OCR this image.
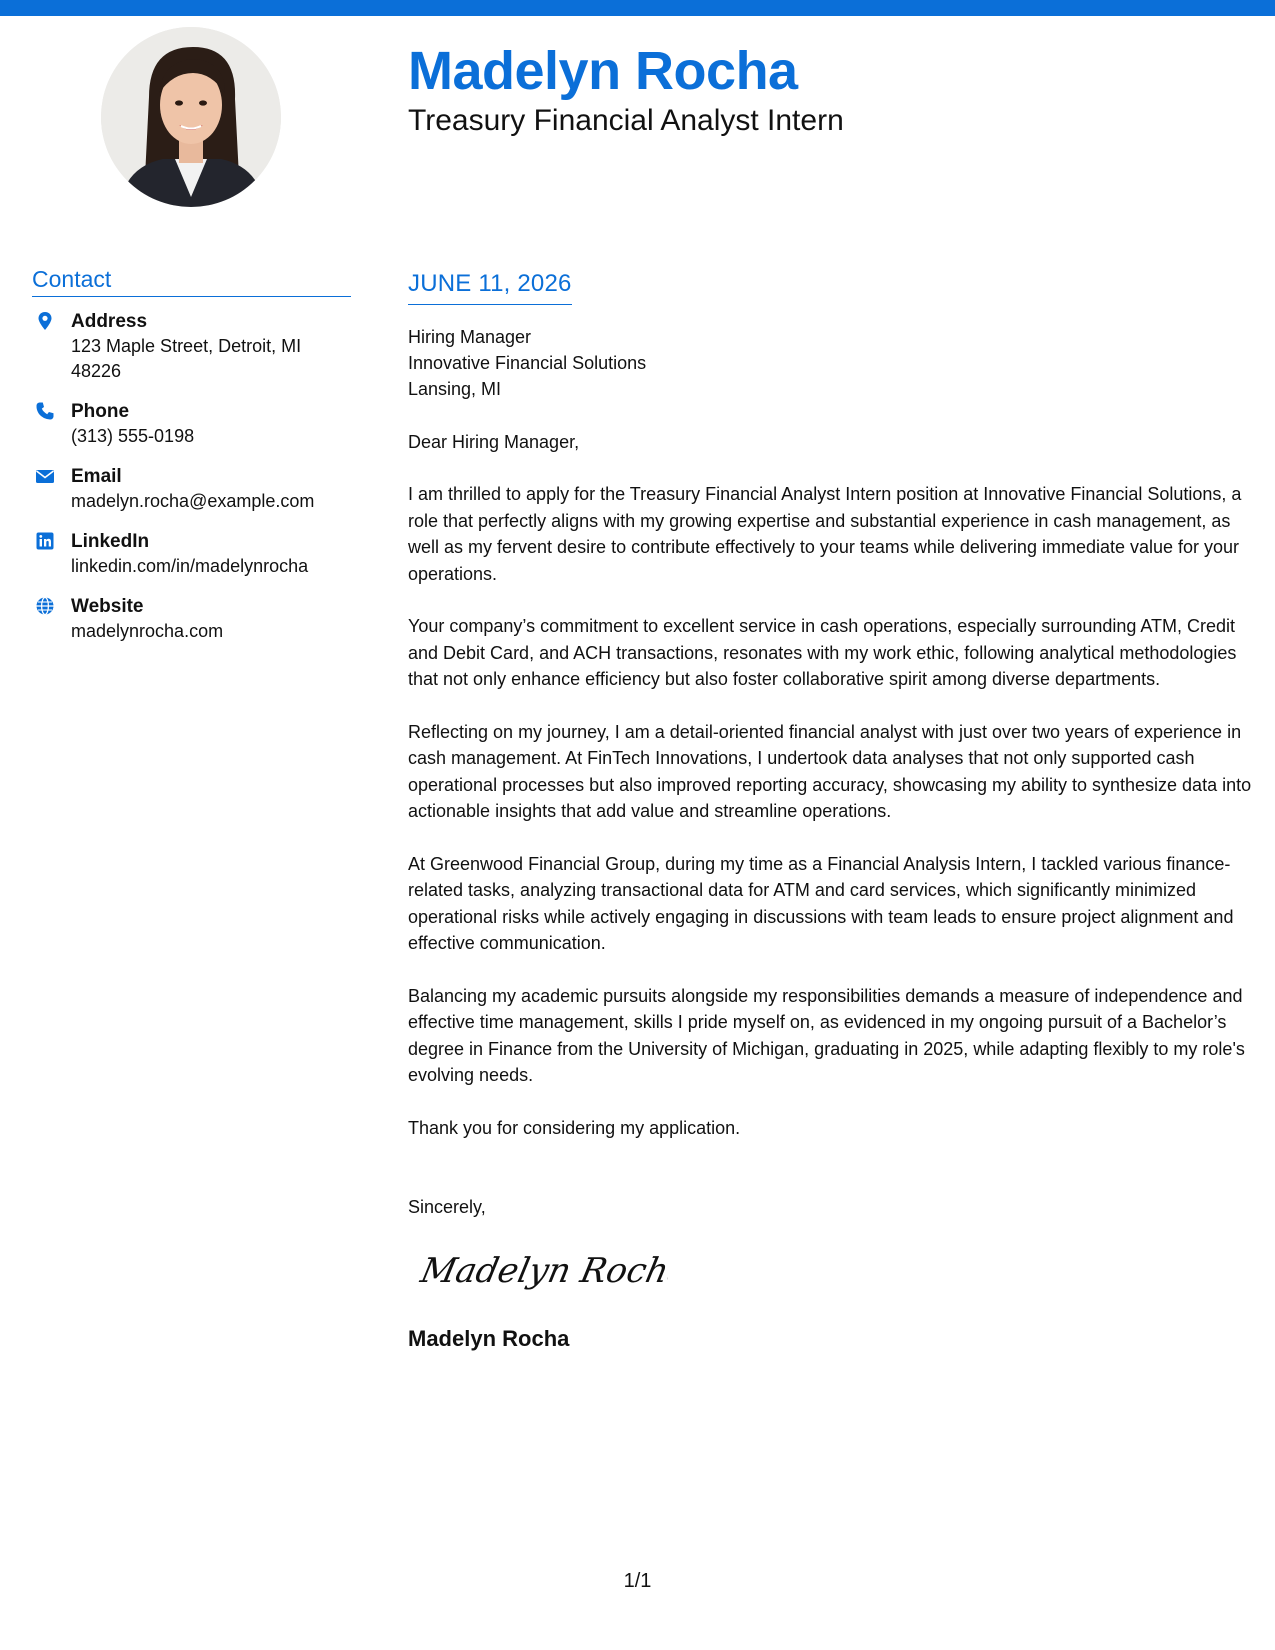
Madelyn Rocha
Treasury Financial Analyst Intern
Contact
Address
123 Maple Street, Detroit, MI 48226
Phone
(313) 555-0198
Email
madelyn.rocha@example.com
LinkedIn
linkedin.com/in/madelynrocha
Website
madelynrocha.com
JUNE 11, 2026
Hiring Manager
Innovative Financial Solutions
Lansing, MI
Dear Hiring Manager,
I am thrilled to apply for the Treasury Financial Analyst Intern position at Innovative Financial Solutions, a role that perfectly aligns with my growing expertise and substantial experience in cash management, as well as my fervent desire to contribute effectively to your teams while delivering immediate value for your operations.
Your company’s commitment to excellent service in cash operations, especially surrounding ATM, Credit and Debit Card, and ACH transactions, resonates with my work ethic, following analytical methodologies that not only enhance efficiency but also foster collaborative spirit among diverse departments.
Reflecting on my journey, I am a detail-oriented financial analyst with just over two years of experience in cash management. At FinTech Innovations, I undertook data analyses that not only supported cash operational processes but also improved reporting accuracy, showcasing my ability to synthesize data into actionable insights that add value and streamline operations.
At Greenwood Financial Group, during my time as a Financial Analysis Intern, I tackled various finance-related tasks, analyzing transactional data for ATM and card services, which significantly minimized operational risks while actively engaging in discussions with team leads to ensure project alignment and effective communication.
Balancing my academic pursuits alongside my responsibilities demands a measure of independence and effective time management, skills I pride myself on, as evidenced in my ongoing pursuit of a Bachelor’s degree in Finance from the University of Michigan, graduating in 2025, while adapting flexibly to my role's evolving needs.
Thank you for considering my application.
Sincerely,
Madelyn Rocha
Madelyn Rocha
1/1
